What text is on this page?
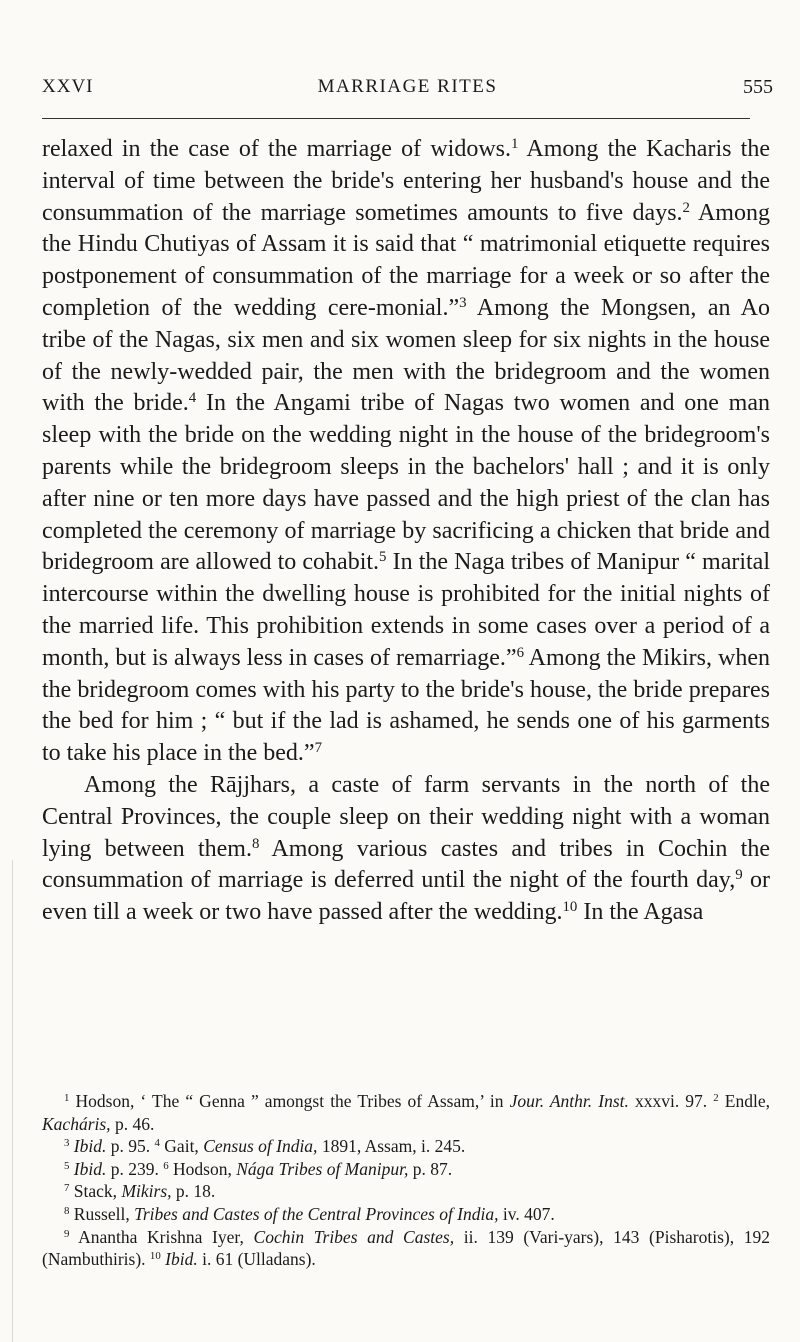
XXVI	MARRIAGE RITES	555

relaxed in the case of the marriage of widows.$^1$ Among the Kacharis the interval of time between the bride's entering her husband's house and the consummation of the marriage sometimes amounts to five days.$^2$ Among the Hindu Chutiyas of Assam it is said that “ matrimonial etiquette requires postponement of consummation of the marriage for a week or so after the completion of the wedding cere-monial.”$^3$ Among the Mongsen, an Ao tribe of the Nagas, six men and six women sleep for six nights in the house of the newly-wedded pair, the men with the bridegroom and the women with the bride.$^4$ In the Angami tribe of Nagas two women and one man sleep with the bride on the wedding night in the house of the bridegroom's parents while the bridegroom sleeps in the bachelors' hall ; and it is only after nine or ten more days have passed and the high priest of the clan has completed the ceremony of marriage by sacrificing a chicken that bride and bridegroom are allowed to cohabit.$^5$ In the Naga tribes of Manipur “ marital intercourse within the dwelling house is prohibited for the initial nights of the married life. This prohibition extends in some cases over a period of a month, but is always less in cases of remarriage.”$^6$ Among the Mikirs, when the bridegroom comes with his party to the bride's house, the bride prepares the bed for him ; “ but if the lad is ashamed, he sends one of his garments to take his place in the bed.”$^7$

Among the Rājjhars, a caste of farm servants in the north of the Central Provinces, the couple sleep on their wedding night with a woman lying between them.$^8$ Among various castes and tribes in Cochin the consummation of marriage is deferred until the night of the fourth day,$^9$ or even till a week or two have passed after the wedding.$^{10}$ In the Agasa

$^1$ Hodson, ‘ The “ Genna ” amongst the Tribes of Assam,’ in Jour. Anthr. Inst. xxxvi. 97. $^2$ Endle, Kacháris, p. 46.

$^3$ Ibid. p. 95. $^4$ Gait, Census of India, 1891, Assam, i. 245.

$^5$ Ibid. p. 239. $^6$ Hodson, Nága Tribes of Manipur, p. 87.

$^7$ Stack, Mikirs, p. 18.

$^8$ Russell, Tribes and Castes of the Central Provinces of India, iv. 407.

$^9$ Anantha Krishna Iyer, Cochin Tribes and Castes, ii. 139 (Vari-yars), 143 (Pisharotis), 192 (Nambuthiris). $^{10}$ Ibid. i. 61 (Ulladans).
